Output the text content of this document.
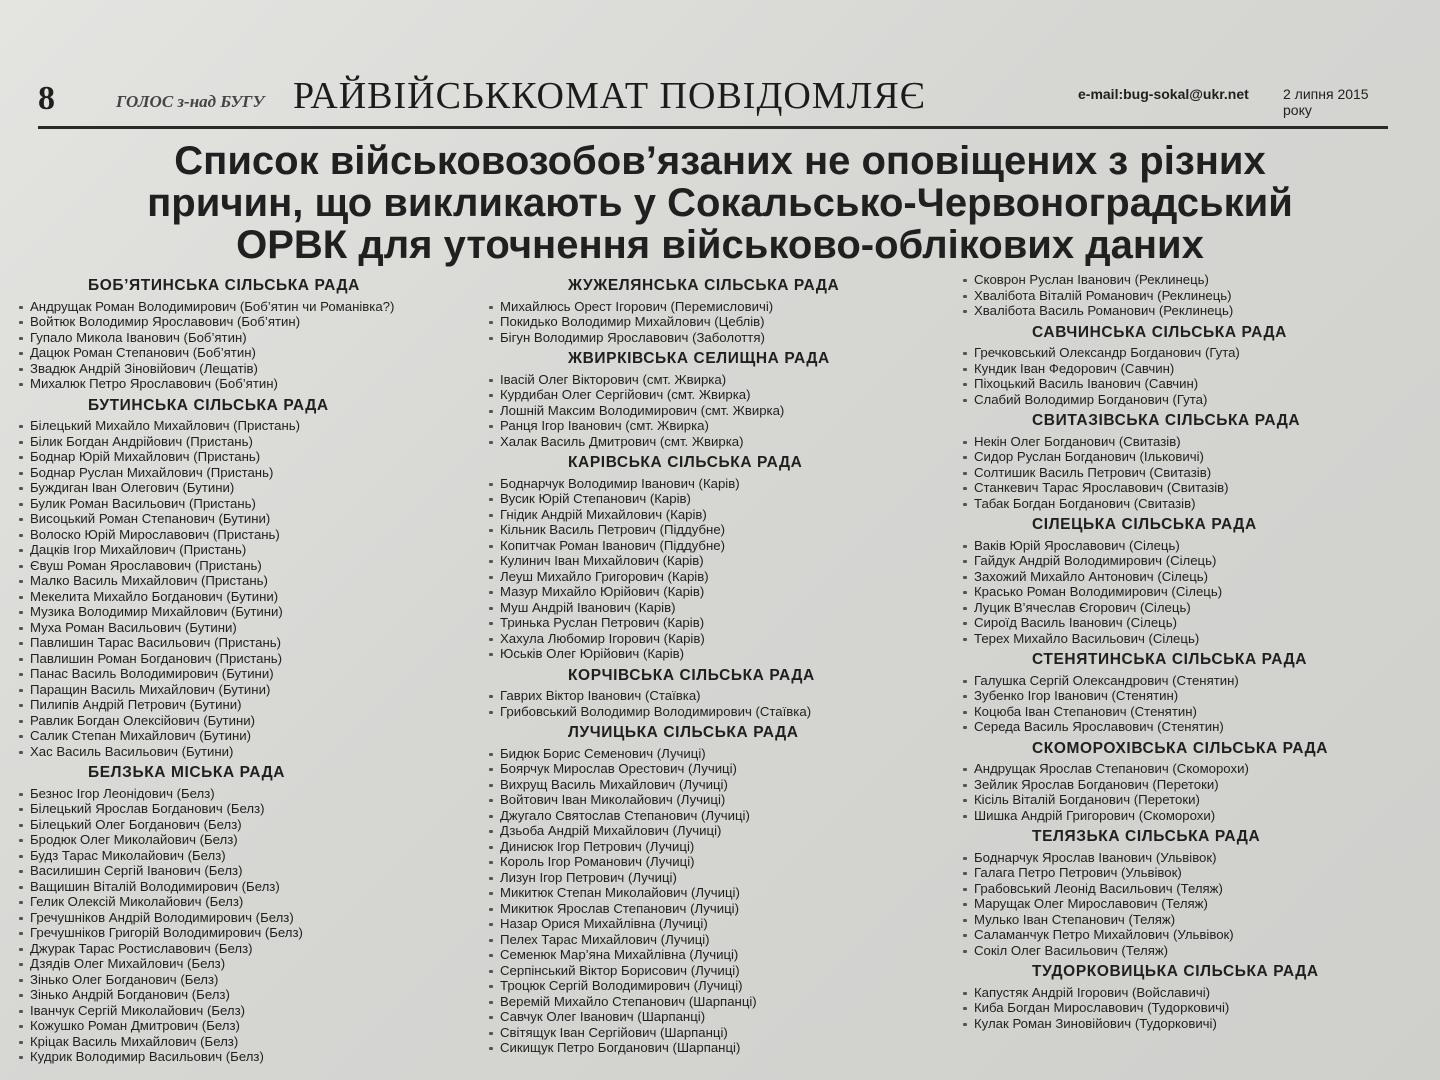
8	ГОЛОС з-над БУГУ РАЙВІЙСЬККОМАТ ПОВІДОМЛЯЄ	e-mail:bug-sokal@ukr.net 2 липня 2015 року
Список військовозобов’язаних не оповіщених з різних
причин, що викликають у Сокальсько-Червоноградський
ОРВК для уточнення військово-облікових даних
БОБ’ЯТИНСЬКА СІЛЬСЬКА РАДА
Андрущак Роман Володимирович (Боб’ятин чи Романівка?)
Войтюк Володимир Ярославович (Боб’ятин)
Гупало Микола Іванович (Боб’ятин)
Дацюк Роман Степанович (Боб’ятин)
Звадюк Андрій Зіновійович (Лещатів)
Михалюк Петро Ярославович (Боб’ятин)
БУТИНСЬКА СІЛЬСЬКА РАДА
Білецький Михайло Михайлович (Пристань)
Білик Богдан Андрійович (Пристань)
Боднар Юрій Михайлович (Пристань)
Боднар Руслан Михайлович (Пристань)
Буждиган Іван Олегович (Бутини)
Булик Роман Васильович (Пристань)
Висоцький Роман Степанович (Бутини)
Волоско Юрій Мирославович (Пристань)
Дацків Ігор Михайлович (Пристань)
Євуш Роман Ярославович (Пристань)
Малко Василь Михайлович (Пристань)
Мекелита Михайло Богданович (Бутини)
Музика Володимир Михайлович (Бутини)
Муха Роман Васильович (Бутини)
Павлишин Тарас Васильович (Пристань)
Павлишин Роман Богданович (Пристань)
Панас Василь Володимирович (Бутини)
Паращин Василь Михайлович (Бутини)
Пилипів Андрій Петрович (Бутини)
Равлик Богдан Олексійович (Бутини)
Салик Степан Михайлович (Бутини)
Хас Василь Васильович (Бутини)
БЕЛЗЬКА МІСЬКА РАДА
Безнос Ігор Леонідович (Белз)
Білецький Ярослав Богданович (Белз)
Білецький Олег Богданович (Белз)
Бродюк Олег Миколайович (Белз)
Будз Тарас Миколайович (Белз)
Василишин Сергій Іванович (Белз)
Ващишин Віталій Володимирович (Белз)
Гелик Олексій Миколайович (Белз)
Гречушніков Андрій Володимирович (Белз)
Гречушніков Григорій Володимирович (Белз)
Джурак Тарас Ростиславович (Белз)
Дзядів Олег Михайлович (Белз)
Зінько Олег Богданович (Белз)
Зінько Андрій Богданович (Белз)
Іванчук Сергій Миколайович (Белз)
Кожушко Роман Дмитрович (Белз)
Кріцак Василь Михайлович (Белз)
Кудрик Володимир Васильович (Белз)
ЖУЖЕЛЯНСЬКА СІЛЬСЬКА РАДА
Михайлюсь Орест Ігорович (Перемисловичі)
Покидько Володимир Михайлович (Цеблів)
Бігун Володимир Ярославович (Заболоття)
ЖВИРКІВСЬКА СЕЛИЩНА РАДА
Івасій Олег Вікторович (смт. Жвирка)
Курдибан Олег Сергійович (смт. Жвирка)
Лошній Максим Володимирович (смт. Жвирка)
Ранця Ігор Іванович (смт. Жвирка)
Халак Василь Дмитрович (смт. Жвирка)
КАРІВСЬКА СІЛЬСЬКА РАДА
Боднарчук Володимир Іванович (Карів)
Вусик Юрій Степанович (Карів)
Гнідик Андрій Михайлович (Карів)
Кільник Василь Петрович (Піддубне)
Копитчак Роман Іванович (Піддубне)
Кулинич Іван Михайлович (Карів)
Леуш Михайло Григорович (Карів)
Мазур Михайло Юрійович (Карів)
Муш Андрій Іванович (Карів)
Тринька Руслан Петрович (Карів)
Хахула Любомир Ігорович (Карів)
Юськів Олег Юрійович (Карів)
КОРЧІВСЬКА СІЛЬСЬКА РАДА
Гаврих Віктор Іванович (Стаївка)
Грибовський Володимир Володимирович (Стаївка)
ЛУЧИЦЬКА СІЛЬСЬКА РАДА
Бидюк Борис Семенович (Лучиці)
Боярчук Мирослав Орестович (Лучиці)
Вихрущ Василь Михайлович (Лучиці)
Войтович Іван Миколайович (Лучиці)
Джугало Святослав Степанович (Лучиці)
Дзьоба Андрій Михайлович (Лучиці)
Динисюк Ігор Петрович (Лучиці)
Король Ігор Романович (Лучиці)
Лизун Ігор Петрович (Лучиці)
Микитюк Степан Миколайович (Лучиці)
Микитюк Ярослав Степанович (Лучиці)
Назар Орися Михайлівна (Лучиці)
Пелех Тарас Михайлович (Лучиці)
Семенюк Мар’яна Михайлівна (Лучиці)
Серпінський Віктор Борисович (Лучиці)
Троцюк Сергій Володимирович (Лучиці)
Веремій Михайло Степанович (Шарпанці)
Савчук Олег Іванович (Шарпанці)
Світящук Іван Сергійович (Шарпанці)
Сикищук Петро Богданович (Шарпанці)
Сковрон Руслан Іванович (Реклинець)
Хвалібота Віталій Романович (Реклинець)
Хвалібота Василь Романович (Реклинець)
САВЧИНСЬКА СІЛЬСЬКА РАДА
Гречковський Олександр Богданович (Гута)
Кундик Іван Федорович (Савчин)
Піхоцький Василь Іванович (Савчин)
Слабий Володимир Богданович (Гута)
СВИТАЗІВСЬКА СІЛЬСЬКА РАДА
Некін Олег Богданович (Свитазів)
Сидор Руслан Богданович (Ільковичі)
Солтишик Василь Петрович (Свитазів)
Станкевич Тарас Ярославович (Свитазів)
Табак Богдан Богданович (Свитазів)
СІЛЕЦЬКА СІЛЬСЬКА РАДА
Ваків Юрій Ярославович (Сілець)
Гайдук Андрій Володимирович (Сілець)
Захожий Михайло Антонович (Сілець)
Красько Роман Володимирович (Сілець)
Луцик В’ячеслав Єгорович (Сілець)
Сироїд Василь Іванович (Сілець)
Терех Михайло Васильович (Сілець)
СТЕНЯТИНСЬКА СІЛЬСЬКА РАДА
Галушка Сергій Олександрович (Стенятин)
Зубенко Ігор Іванович (Стенятин)
Коцюба Іван Степанович (Стенятин)
Середа Василь Ярославович (Стенятин)
СКОМОРОХІВСЬКА СІЛЬСЬКА РАДА
Андрущак Ярослав Степанович (Скоморохи)
Зейлик Ярослав Богданович (Перетоки)
Кісіль Віталій Богданович (Перетоки)
Шишка Андрій Григорович (Скоморохи)
ТЕЛЯЗЬКА СІЛЬСЬКА РАДА
Боднарчук Ярослав Іванович (Ульвівок)
Галага Петро Петрович (Ульвівок)
Грабовський Леонід Васильович (Теляж)
Марущак Олег Мирославович (Теляж)
Мулько Іван Степанович (Теляж)
Саламанчук Петро Михайлович (Ульвівок)
Сокіл Олег Васильович (Теляж)
ТУДОРКОВИЦЬКА СІЛЬСЬКА РАДА
Капустяк Андрій Ігорович (Войславичі)
Киба Богдан Мирославович (Тудорковичі)
Кулак Роман Зиновійович (Тудорковичі)
